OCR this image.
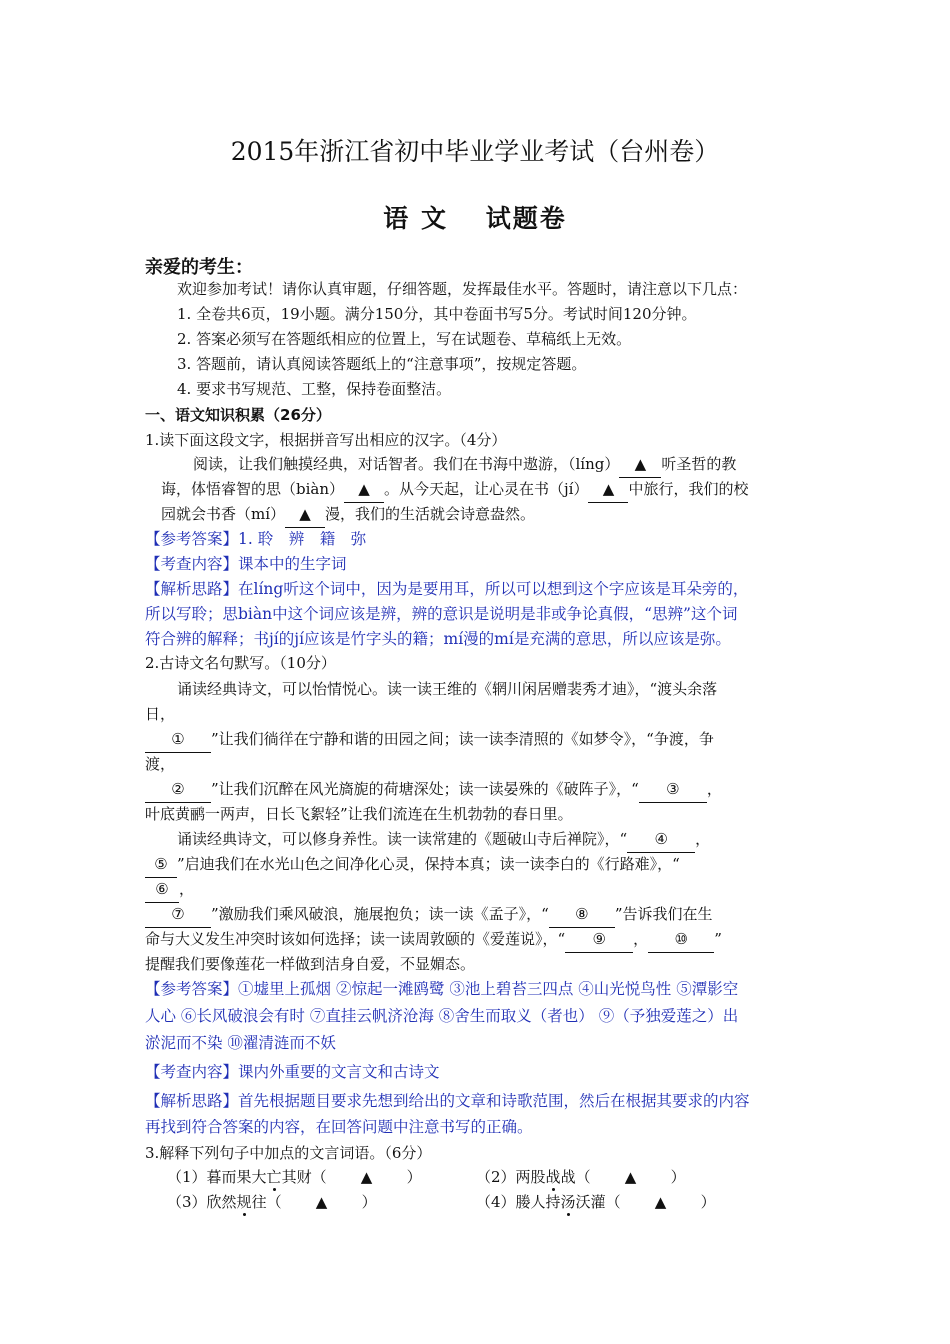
2015年浙江省初中毕业学业考试（台州卷）
语 文　 试题卷
亲爱的考生：
欢迎参加考试！请你认真审题，仔细答题，发挥最佳水平。答题时，请注意以下几点：
1. 全卷共6页，19小题。满分150分，其中卷面书写5分。考试时间120分钟。
2. 答案必须写在答题纸相应的位置上，写在试题卷、草稿纸上无效。
3. 答题前，请认真阅读答题纸上的“注意事项”，按规定答题。
4. 要求书写规范、工整，保持卷面整洁。
一、语文知识积累（26分）
1.读下面这段文字，根据拼音写出相应的汉字。（4分）
阅读，让我们触摸经典，对话智者。我们在书海中遨游，（líng） ▲ 听圣哲的教
诲，体悟睿智的思（biàn） ▲ 。从今天起，让心灵在书（jí） ▲ 中旅行，我们的校
园就会书香（mí） ▲ 漫，我们的生活就会诗意盎然。
【参考答案】1. 聆　辨　籍　弥
【考查内容】课本中的生字词
【解析思路】在líng听这个词中，因为是要用耳，所以可以想到这个字应该是耳朵旁的，
所以写聆；思biàn中这个词应该是辨，辨的意识是说明是非或争论真假，“思辨”这个词
符合辨的解释；书jí的jí应该是竹字头的籍；mí漫的mí是充满的意思，所以应该是弥。
2.古诗文名句默写。（10分）
诵读经典诗文，可以怡情悦心。读一读王维的《辋川闲居赠裴秀才迪》，“渡头余落
日，
① ”让我们徜徉在宁静和谐的田园之间；读一读李清照的《如梦令》，“争渡，争
渡，
② ”让我们沉醉在风光旖旎的荷塘深处；读一读晏殊的《破阵子》，“ ③ ，
叶底黄鹂一两声，日长飞絮轻”让我们流连在生机勃勃的春日里。
诵读经典诗文，可以修身养性。读一读常建的《题破山寺后禅院》，“ ④ ，
⑤ ”启迪我们在水光山色之间净化心灵，保持本真；读一读李白的《行路难》，“
⑥ ，
⑦ ”激励我们乘风破浪，施展抱负；读一读《孟子》，“ ⑧ ”告诉我们在生
命与大义发生冲突时该如何选择；读一读周敦颐的《爱莲说》，“ ⑨ ， ⑩ ”
提醒我们要像莲花一样做到洁身自爱，不显媚态。
【参考答案】①墟里上孤烟 ②惊起一滩鸥鹭 ③池上碧苔三四点 ④山光悦鸟性 ⑤潭影空
人心 ⑥长风破浪会有时 ⑦直挂云帆济沧海 ⑧舍生而取义（者也） ⑨（予独爱莲之）出
淤泥而不染 ⑩濯清涟而不妖
【考查内容】课内外重要的文言文和古诗文
【解析思路】首先根据题目要求先想到给出的文章和诗歌范围，然后在根据其要求的内容
再找到符合答案的内容，在回答问题中注意书写的正确。
3.解释下列句子中加点的文言词语。（6分）
（1）暮而果大亡其财（ ▲ ）	（2）两股战战（ ▲ ）
（3）欣然规往（ ▲ ）	（4）媵人持汤沃灌（ ▲ ）
